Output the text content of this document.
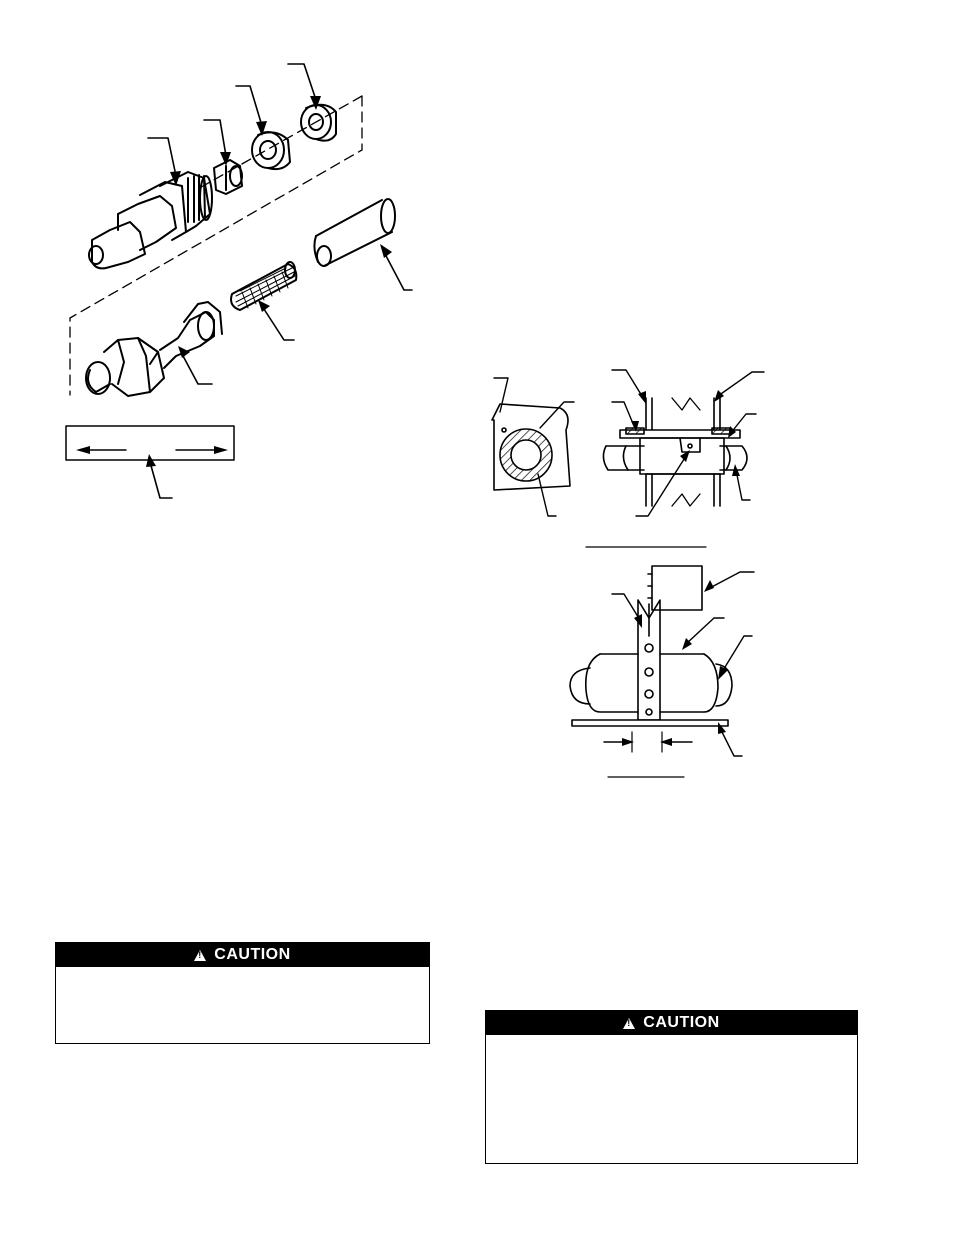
!
CAUTION
!
CAUTION
